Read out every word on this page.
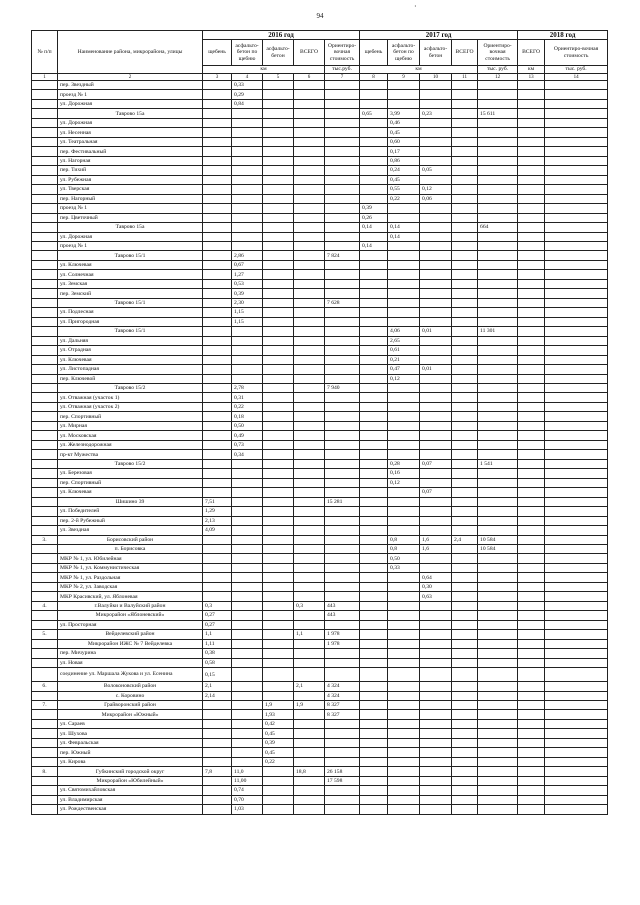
94
№ п/п	Наименование района, микрорайона, улицы	2016 год					2017 год					2018 год	
		щебень	асфальто-бетон по щебню	асфальто-бетон	ВСЕГО	Ориентиро-вочная стоимость	щебень	асфальто-бетон по щебню	асфальто-бетон	ВСЕГО	Ориентиро-вочная стоимость	ВСЕГО	Ориентиро-вочная стоимость
		км				тыс.руб.	км				тыс. руб.	км	тыс. руб.
1	2	3	4	5	6	7	8	9	10	11	12	13	14
	пер. Звездный		0,33										
	проезд № 1		0,29										
	ул. Дорожная		0,84										
	Таврово 15а						0,65	3,99	0,23		15 611		
	ул. Дорожная							0,46					
	ул. Несенная							0,45					
	ул. Театральная							0,60					
	пер. Фестивальный							0,17					
	ул. Нагорная							0,86					
	пер. Тихий							0,24	0,05				
	ул. Рубежная							0,45					
	ул. Тверская							0,55	0,12				
	пер. Нагорный							0,22	0,06				
	проезд № 1						0,39						
	пер. Цветочный						0,26						
	Таврово 15а						0,14	0,14			664		
	ул. Дорожная							0,14					
	проезд № 1						0,14						
	Таврово 15/1		2,86			7 824							
	ул. Ключевая		0,67										
	ул. Солнечная		1,27										
	ул. Земская		0,53										
	пер. Земский		0,39										
	Таврово 15/1		2,30			7 628							
	ул. Подлесная		1,15										
	ул. Пригородная		1,15										
	Таврово 15/1							4,06	0,01		11 301		
	ул. Дальняя							2,65					
	ул. Отрадная							0,61					
	ул. Ключевая							0,21					
	ул. Листопадная							0,47	0,01				
	пер. Ключевой							0,12					
	Таврово 15/2		2,78			7 940							
	ул. Отважная (участок 1)		0,31										
	ул. Отважная (участок 2)		0,22										
	пер. Спортивный		0,18										
	ул. Мирная		0,50										
	ул. Московская		0,49										
	ул. Железнодорожная		0,73										
	пр-кт Мужества		0,34										
	Таврово 15/2							0,28	0,07		1 541		
	ул. Березовая							0,16					
	пер. Спортивный							0,12					
	ул. Ключевая								0,07				
	Шишино 39	7,51				15 281							
	ул. Победителей	1,29											
	пер. 2-й Рубежный	2,13											
	ул. Звездная	4,09											
3.	Борисовский район							0,8	1,6	2,4	10 584		
	п. Борисовка							0,8	1,6		10 584		
	МКР № 1, ул. Юбилейная							0,50					
	МКР № 1, ул. Коммунистическая							0,33					
	МКР № 1, ул. Раздольная								0,64				
	МКР № 2, ул. Заводская								0,30				
	МКР Красивский, ул. Яблоневая								0,63				
4.	г.Валуйки и Валуйский район	0,3			0,3	443							
	Микрорайон «Яблоневский»	0,27				443							
	ул. Просторная	0,27											
5.	Вейделевский район	1,1			1,1	1 978							
	Микрорайон ИЖС № 7 Вейделевка	1,11				1 978							
	пер. Мичурина	0,38											
	ул. Новая	0,58											
	соединение ул. Маршала Жукова и ул. Есенина	0,15											
6.	Волоконовский район	2,1			2,1	4 324							
	с. Коровино	2,14				4 324							
7.	Грайворонский район			1,9	1,9	8 327							
	Микрорайон «Южный»			1,93		8 327							
	ул. Сараев			0,42									
	ул. Шухова			0,45									
	ул. Февральская			0,39									
	пер. Южный			0,45									
	ул. Кирова			0,22									
8.	Губкинский городской округ	7,8	11,0		18,8	26 158							
	Микрорайон «Юбилейный»		11,00			17 598							
	ул. Святомихайловская		0,74										
	ул. Владимирская		0,70										
	ул. Рождественская		1,03										
·
